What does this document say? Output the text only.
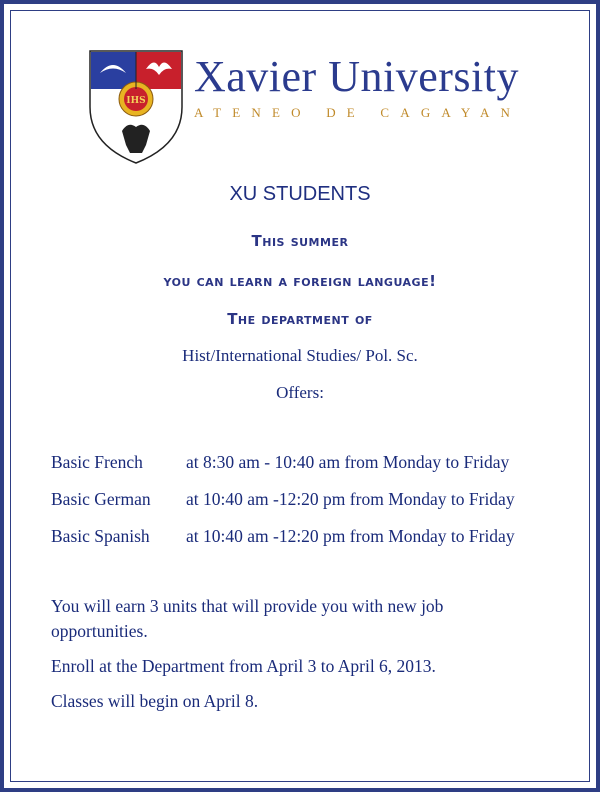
IHS Xavier University
ATENEO DE CAGAYAN
XU STUDENTS
This summer
you can learn a foreign language!
The department of
Hist/International Studies/ Pol. Sc.
Offers:
Basic French at 8:30 am - 10:40 am from Monday to Friday
Basic German at 10:40 am -12:20 pm from Monday to Friday
Basic Spanish at 10:40 am -12:20 pm from Monday to Friday

You will earn 3 units that will provide you with new job opportunities.

Enroll at the Department from April 3 to April 6, 2013.

Classes will begin on April 8.
